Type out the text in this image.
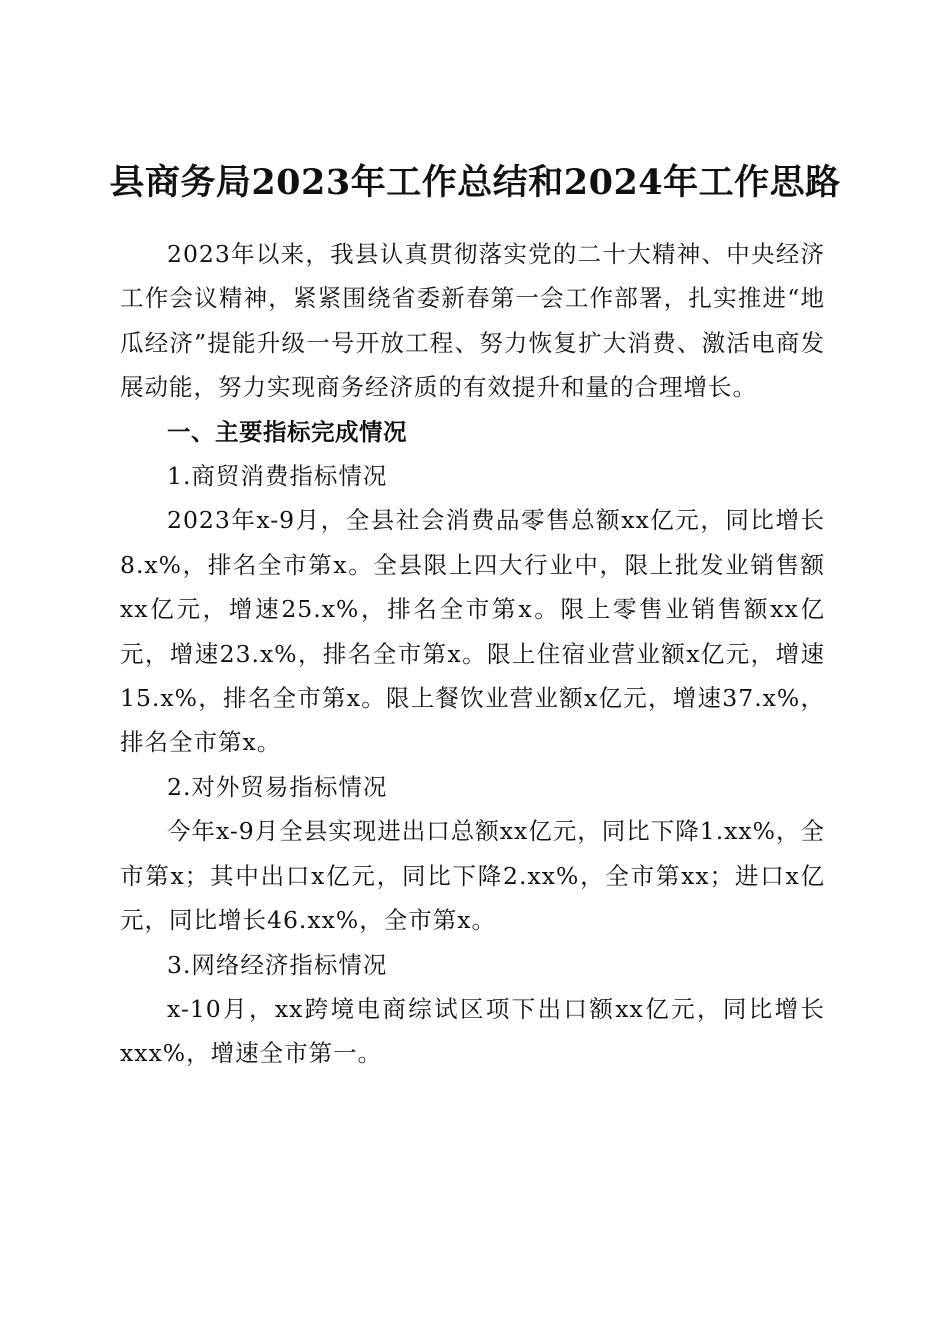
县商务局2023年工作总结和2024年工作思路

2023年以来，我县认真贯彻落实党的二十大精神、中央经济工作会议精神，紧紧围绕省委新春第一会工作部署，扎实推进“地瓜经济”提能升级一号开放工程、努力恢复扩大消费、激活电商发展动能，努力实现商务经济质的有效提升和量的合理增长。

一、主要指标完成情况

1.商贸消费指标情况

2023年x-9月，全县社会消费品零售总额xx亿元，同比增长8.x%，排名全市第x。全县限上四大行业中，限上批发业销售额xx亿元，增速25.x%，排名全市第x。限上零售业销售额xx亿元，增速23.x%，排名全市第x。限上住宿业营业额x亿元，增速15.x%，排名全市第x。限上餐饮业营业额x亿元，增速37.x%，排名全市第x。

2.对外贸易指标情况

今年x-9月全县实现进出口总额xx亿元，同比下降1.xx%，全市第x；其中出口x亿元，同比下降2.xx%，全市第xx；进口x亿元，同比增长46.xx%，全市第x。

3.网络经济指标情况

x-10月，xx跨境电商综试区项下出口额xx亿元，同比增长xxx%，增速全市第一。
